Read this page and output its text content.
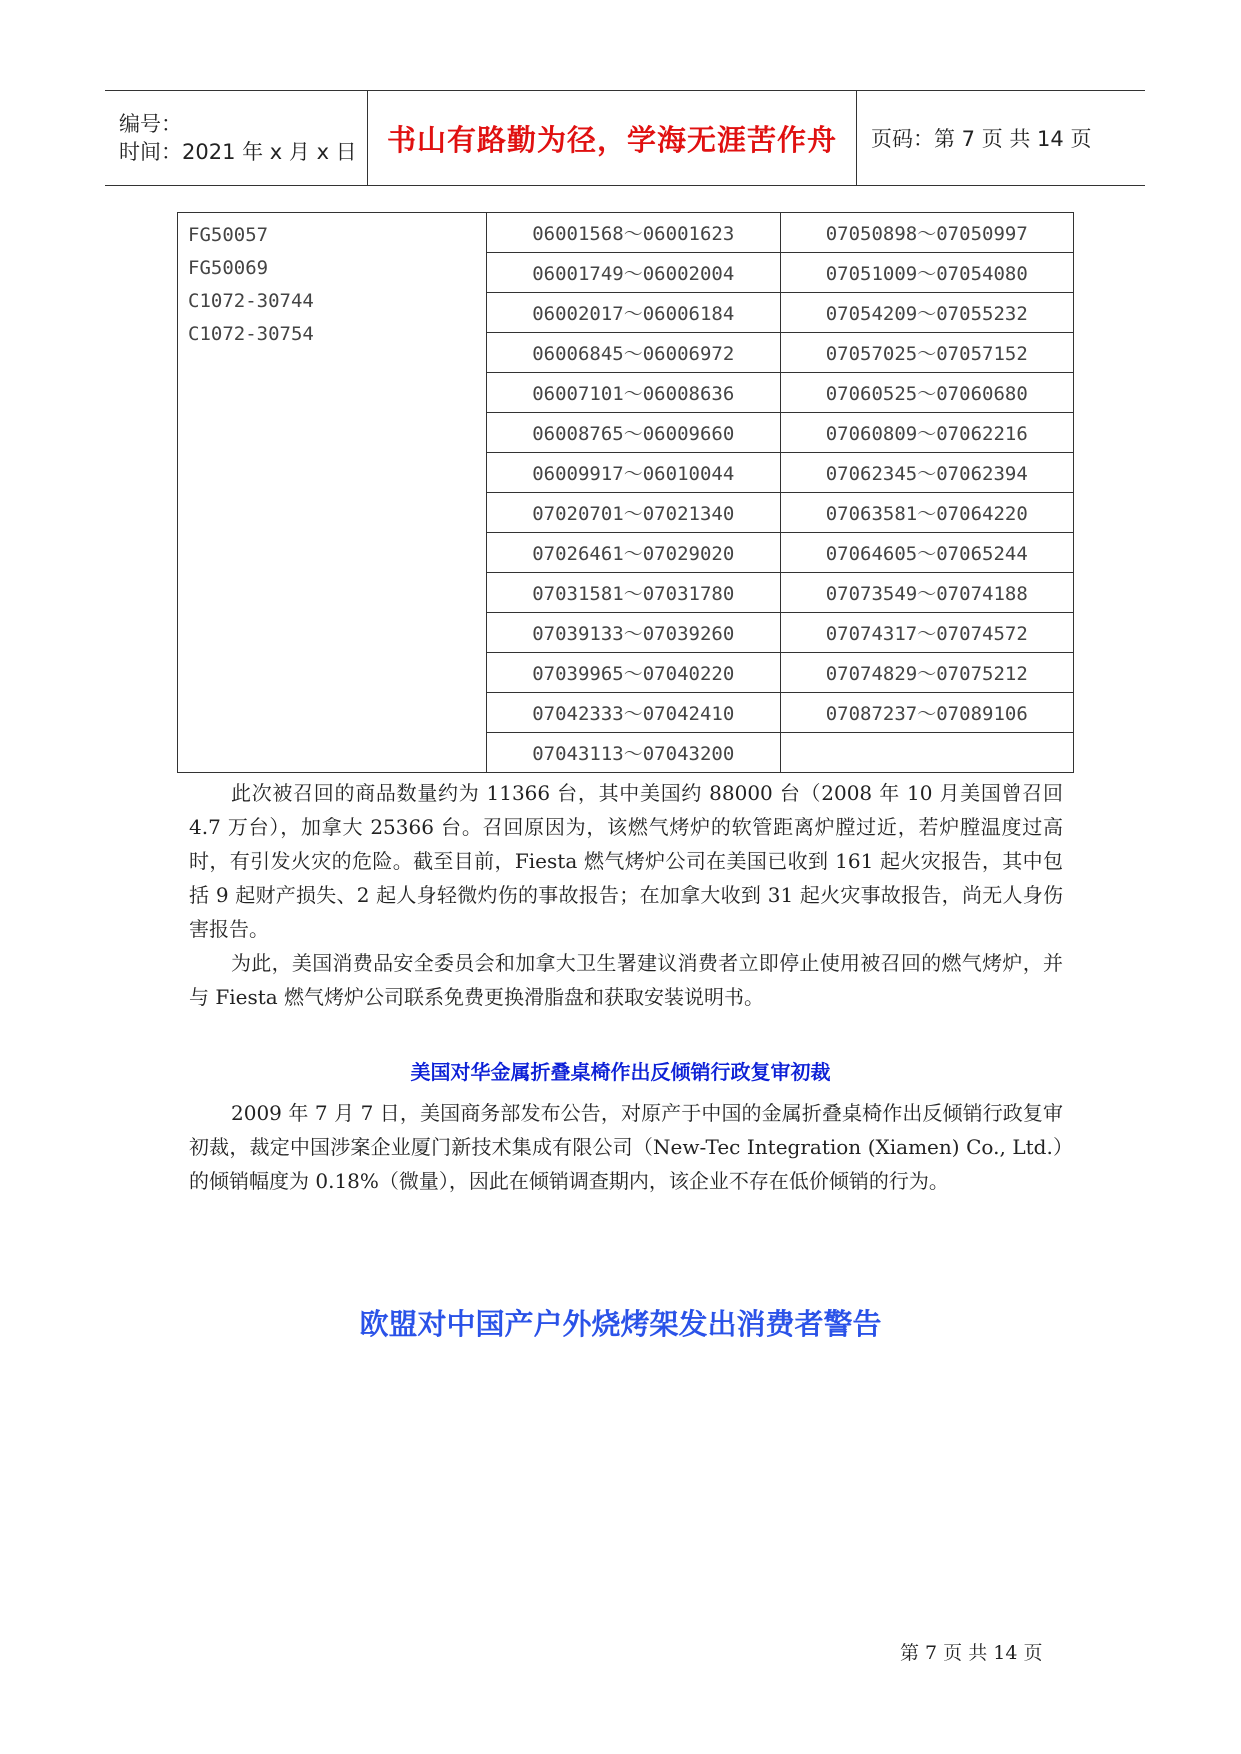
编号：
时间：2021 年 x 月 x 日	书山有路勤为径，学海无涯苦作舟 页码：第 7 页 共 14 页
FG50057
FG50069
C1072-30744
C1072-30754	06001568～06001623	07050898～07050997
	06001749～06002004	07051009～07054080
	06002017～06006184	07054209～07055232
	06006845～06006972	07057025～07057152
	06007101～06008636	07060525～07060680
	06008765～06009660	07060809～07062216
	06009917～06010044	07062345～07062394
	07020701～07021340	07063581～07064220
	07026461～07029020	07064605～07065244
	07031581～07031780	07073549～07074188
	07039133～07039260	07074317～07074572
	07039965～07040220	07074829～07075212
	07042333～07042410	07087237～07089106
	07043113～07043200	

此次被召回的商品数量约为 11366 台，其中美国约 88000 台（2008 年 10 月美国曾召回 4.7 万台），加拿大 25366 台。召回原因为，该燃气烤炉的软管距离炉膛过近，若炉膛温度过高时，有引发火灾的危险。截至目前，Fiesta 燃气烤炉公司在美国已收到 161 起火灾报告，其中包括 9 起财产损失、2 起人身轻微灼伤的事故报告；在加拿大收到 31 起火灾事故报告，尚无人身伤害报告。

为此，美国消费品安全委员会和加拿大卫生署建议消费者立即停止使用被召回的燃气烤炉，并与 Fiesta 燃气烤炉公司联系免费更换滑脂盘和获取安装说明书。

美国对华金属折叠桌椅作出反倾销行政复审初裁

2009 年 7 月 7 日，美国商务部发布公告，对原产于中国的金属折叠桌椅作出反倾销行政复审初裁，裁定中国涉案企业厦门新技术集成有限公司（New-Tec Integration (Xiamen) Co., Ltd.）的倾销幅度为 0.18%（微量），因此在倾销调查期内，该企业不存在低价倾销的行为。

欧盟对中国产户外烧烤架发出消费者警告
第 7 页 共 14 页
